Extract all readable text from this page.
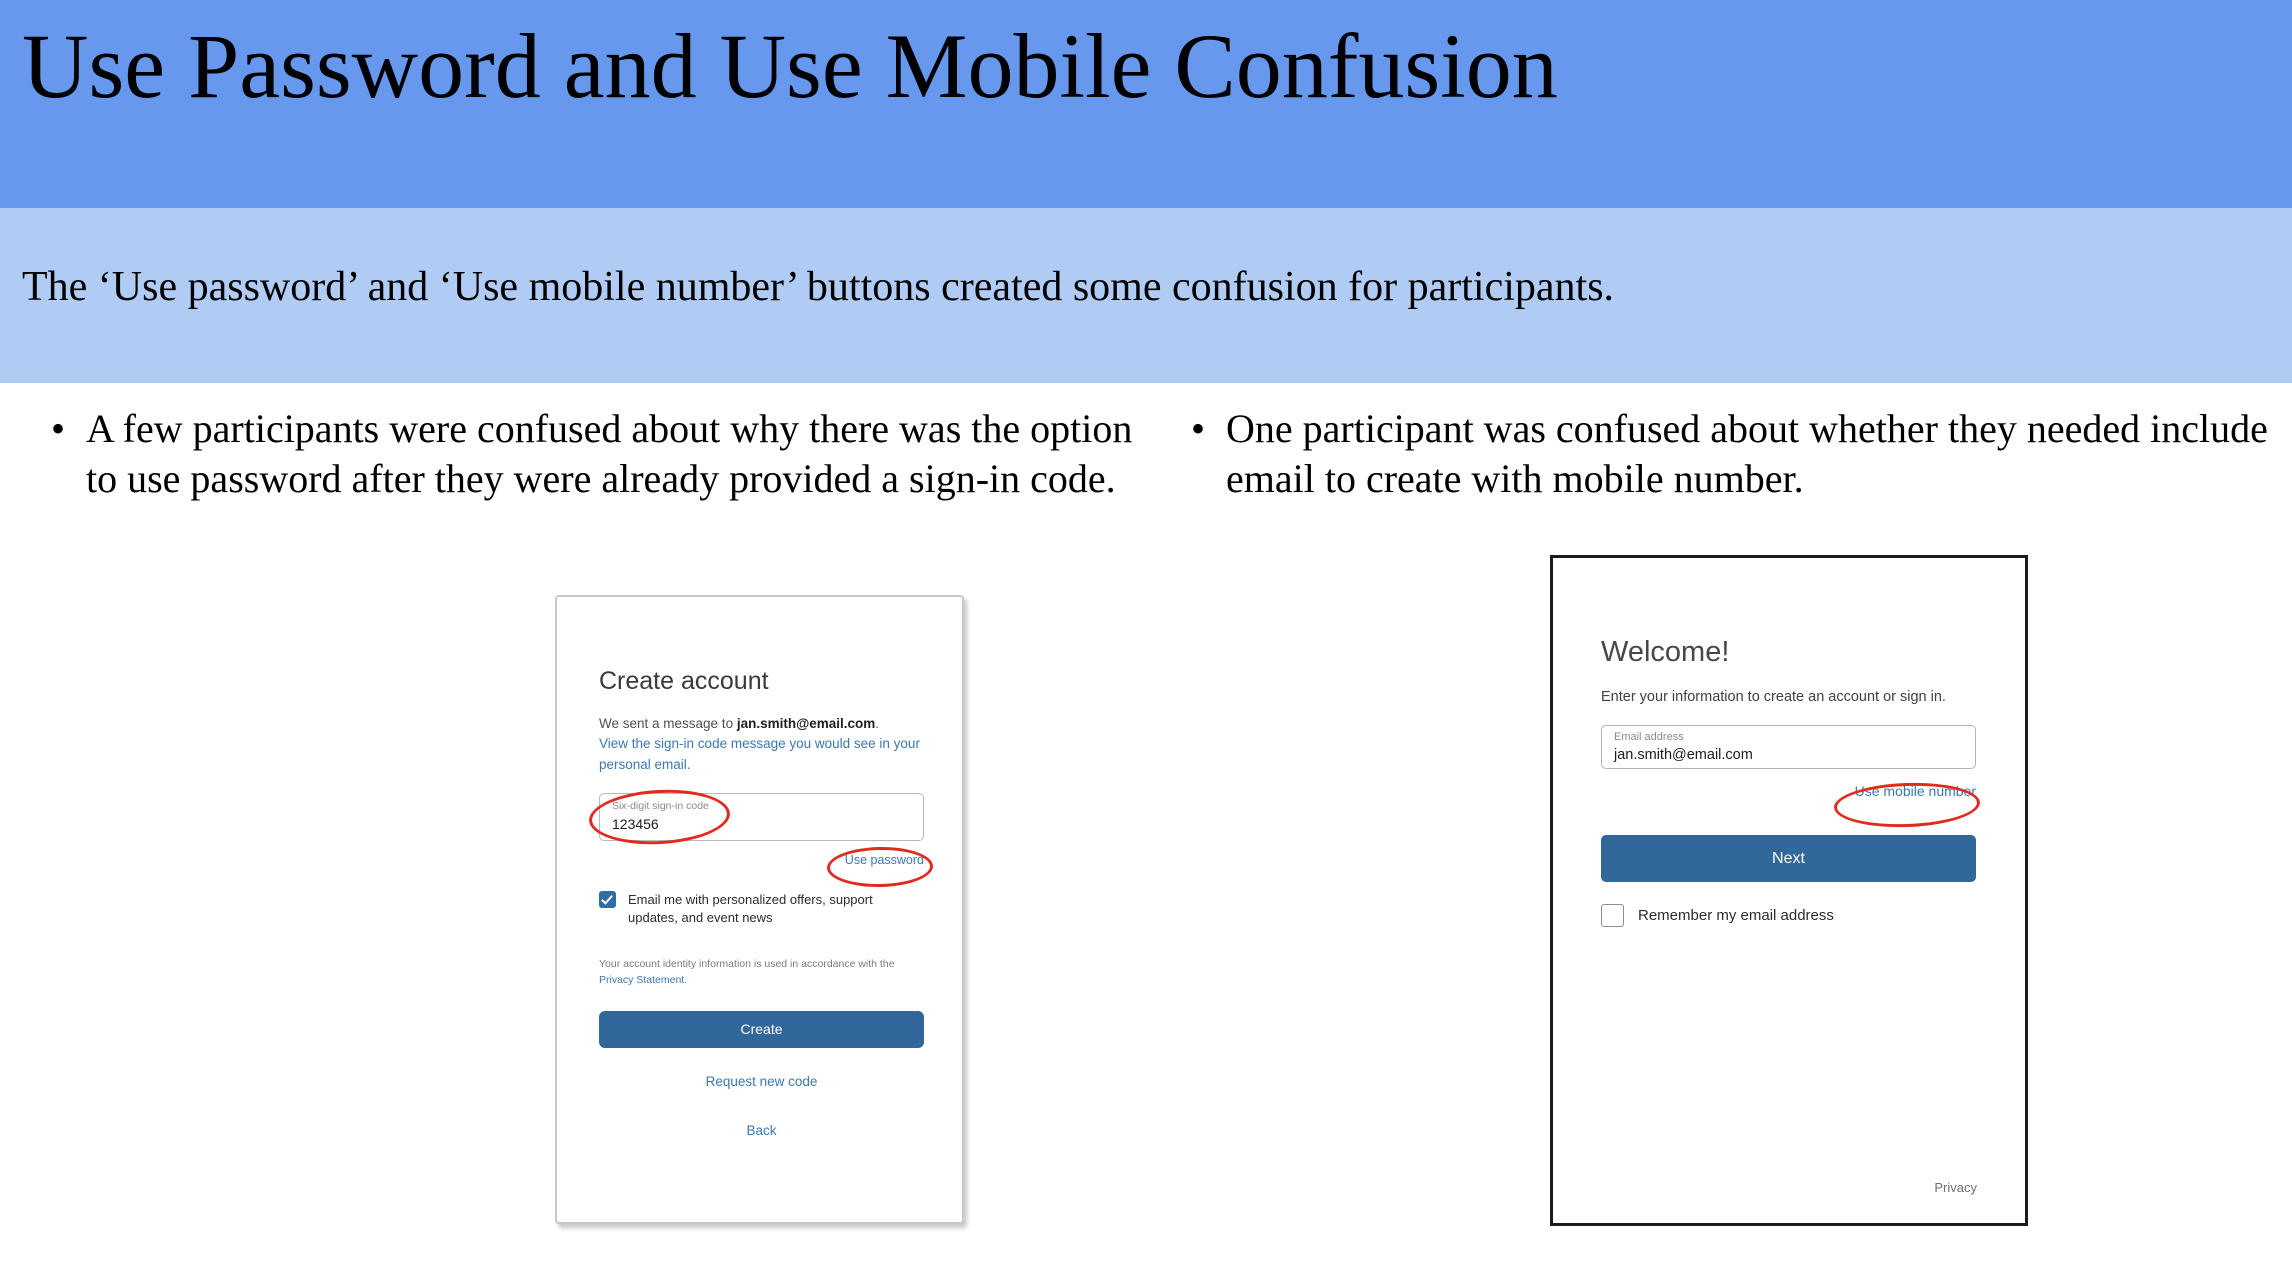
Use Password and Use Mobile Confusion
The ‘Use password’ and ‘Use mobile number’ buttons created some confusion for participants.
• A few participants were confused about why there was the option to use password after they were already provided a sign-in code.
• One participant was confused about whether they needed include email to create with mobile number.
Create account
We sent a message to jan.smith@email.com.
View the sign-in code message you would see in your personal email.
Six-digit sign-in code
123456
Use password
Email me with personalized offers, support updates, and event news
Your account identity information is used in accordance with the Privacy Statement.
Create
Request new code
Back
Welcome!
Enter your information to create an account or sign in.
Email address
jan.smith@email.com
Use mobile number
Next
Remember my email address
Privacy
